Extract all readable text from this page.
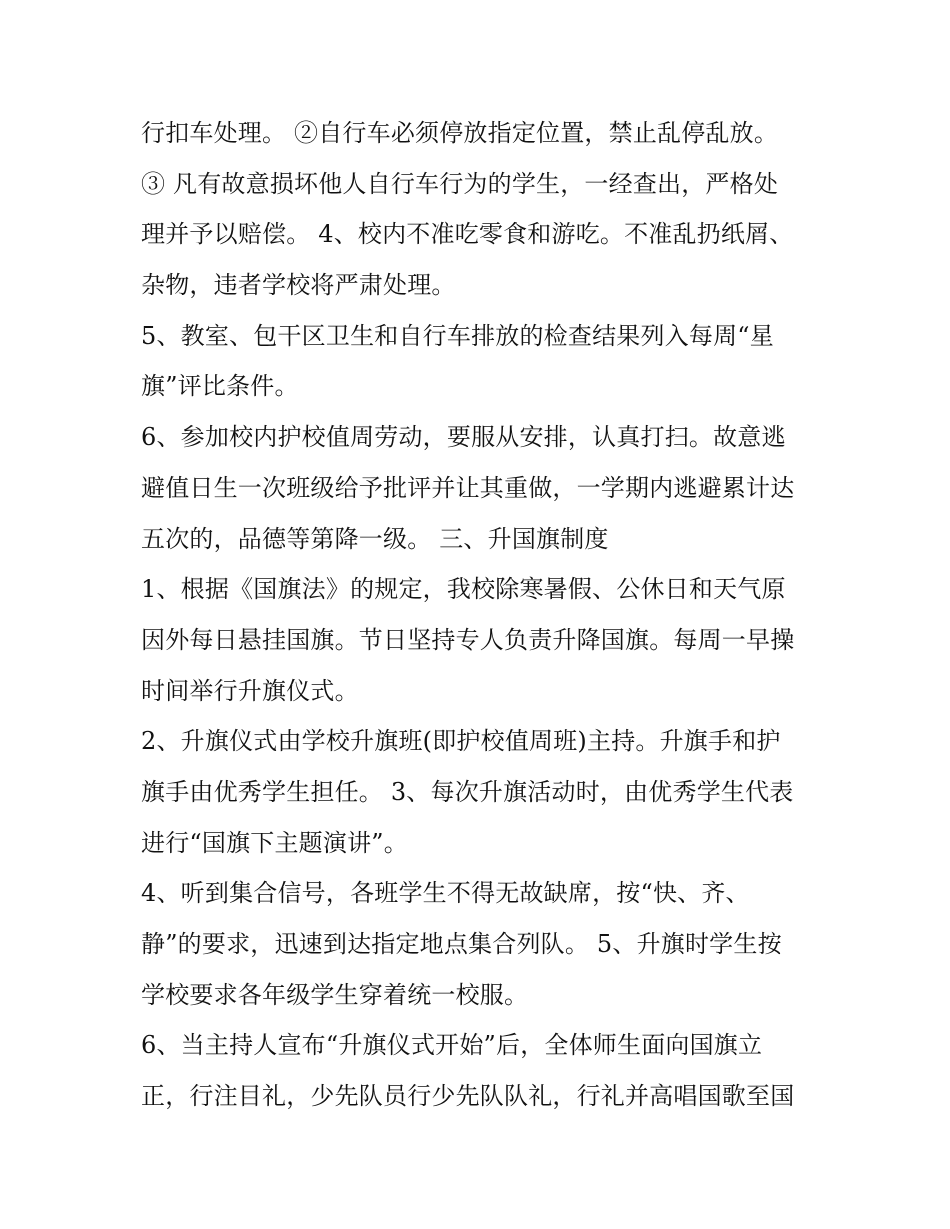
行扣车处理。 ②自行车必须停放指定位置，禁止乱停乱放。
③ 凡有故意损坏他人自行车行为的学生，一经查出，严格处
理并予以赔偿。 4、校内不准吃零食和游吃。不准乱扔纸屑、
杂物，违者学校将严肃处理。
5、教室、包干区卫生和自行车排放的检查结果列入每周“星
旗”评比条件。
6、参加校内护校值周劳动，要服从安排，认真打扫。故意逃
避值日生一次班级给予批评并让其重做，一学期内逃避累计达
五次的，品德等第降一级。 三、升国旗制度
1、根据《国旗法》的规定，我校除寒暑假、公休日和天气原
因外每日悬挂国旗。节日坚持专人负责升降国旗。每周一早操
时间举行升旗仪式。
2、升旗仪式由学校升旗班(即护校值周班)主持。升旗手和护
旗手由优秀学生担任。 3、每次升旗活动时，由优秀学生代表
进行“国旗下主题演讲”。
4、听到集合信号，各班学生不得无故缺席，按“快、齐、
静”的要求，迅速到达指定地点集合列队。 5、升旗时学生按
学校要求各年级学生穿着统一校服。
6、当主持人宣布“升旗仪式开始”后，全体师生面向国旗立
正，行注目礼，少先队员行少先队队礼，行礼并高唱国歌至国
